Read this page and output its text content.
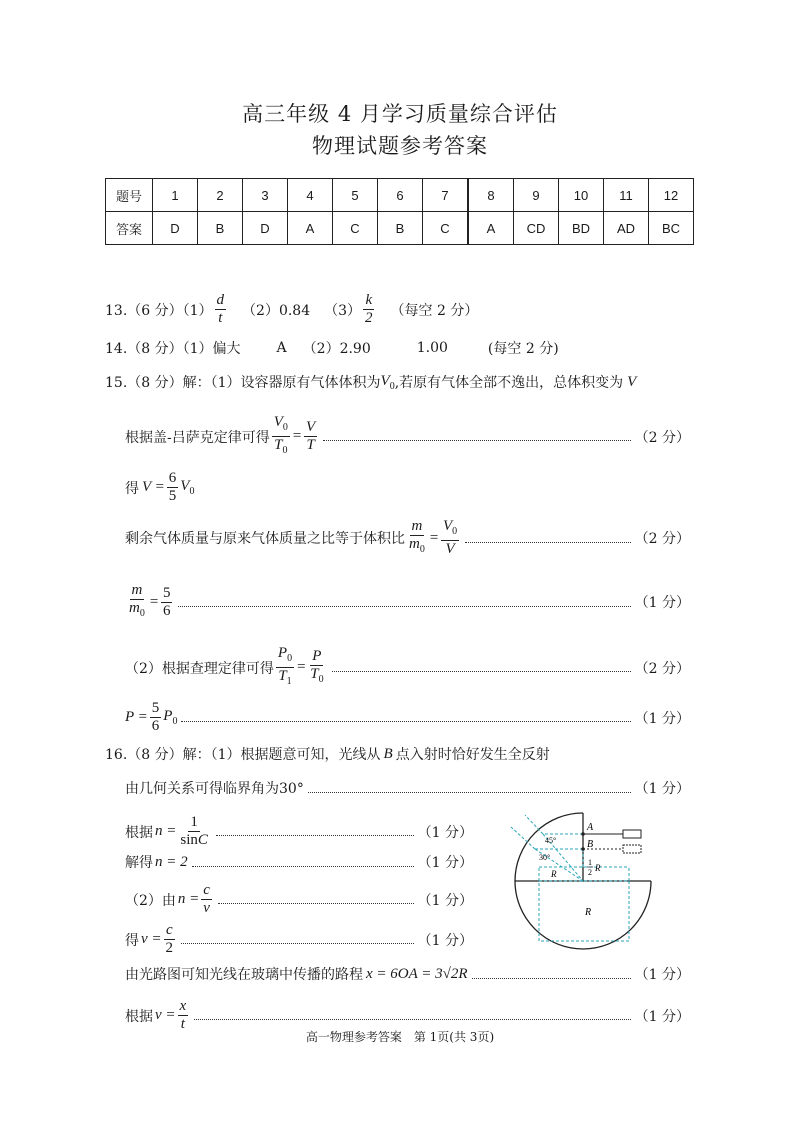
高三年级 4 月学习质量综合评估
物理试题参考答案
题号	1	2	3	4	5	6	7	8	9	10	11	12
答案	D	B	D	A	C	B	C	A	CD	BD	AD	BC
13.（6 分）$(1) \frac{d}{t} (2)0.84$ $(3) \frac{k}{2}$ （每空 2 分）
14.（8 分）（1）偏大	A （2）2.90	1.00	(每空 2 分)
15.（8 分）解：（1）设容器原有气体体积为 $V_0$ ,若原有气体全部不逸出，总体积变为 V
根据盖-吕萨克定律可得 $\frac{V_0}{T_0} = \frac{V}{T}$	（2 分）
得 $V = \frac{6}{5} V_0$
剩余气体质量与原来气体质量之比等于体积比 $\frac{m}{m_0} = \frac{V_0}{V}$	（2 分）
$\frac{m}{m_0} = \frac{5}{6}$	（1 分）
（2）根据查理定律可得 $\frac{P_0}{T_1} = \frac{P}{T_0}$	（2 分）
$P = \frac{5}{6} P_0$	（1 分）
16.（8 分）解：（1）根据题意可知，光线从 B 点入射时恰好发生全反射
由几何关系可得临界角为30°	（1 分）
根据 $n = \frac{1}{\sin C}$	（1 分）
解得 n = 2	（1 分）
（2）由 $n = \frac{c}{v}$	（1 分）
得 $v = \frac{c}{2}$	（1 分）
由光路图可知光线在玻璃中传播的路程 x = 6OA = 3√2R	（1 分）
根据 $v = \frac{x}{t}$	（1 分）
A
B
45°
30°
R
1
2 R
R
高一物理参考答案　第 1页(共 3页)
